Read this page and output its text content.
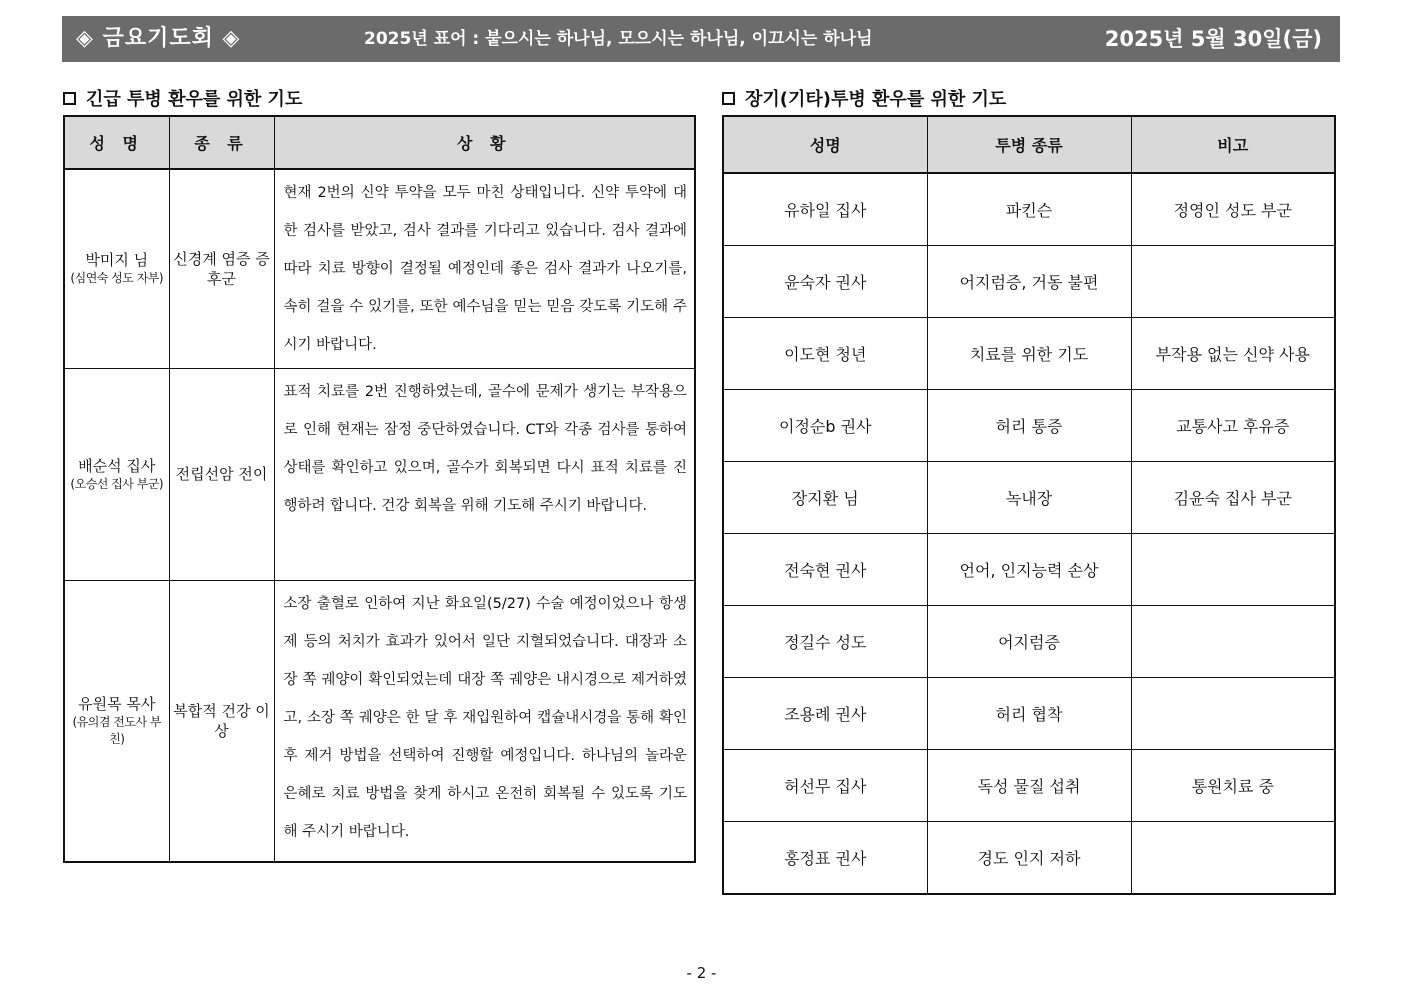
◈ 금요기도회 ◈	2025년 표어 : 붙으시는 하나님, 모으시는 하나님, 이끄시는 하나님	2025년 5월 30일(금)
긴급 투병 환우를 위한 기도	장기(기타)투병 환우를 위한 기도
성 명	종 류	상 황
박미지 님
(심연숙 성도 자부)	신경계 염증 증후군	현재 2번의 신약 투약을 모두 마친 상태입니다. 신약 투약에 대한 검사를 받았고, 검사 결과를 기다리고 있습니다. 검사 결과에 따라 치료 방향이 결정될 예정인데 좋은 검사 결과가 나오기를, 속히 걸을 수 있기를, 또한 예수님을 믿는 믿음 갖도록 기도해 주시기 바랍니다.
배순석 집사
(오승선 집사 부군)	전립선암 전이	표적 치료를 2번 진행하였는데, 골수에 문제가 생기는 부작용으로 인해 현재는 잠정 중단하였습니다. CT와 각종 검사를 통하여 상태를 확인하고 있으며, 골수가 회복되면 다시 표적 치료를 진행하려 합니다. 건강 회복을 위해 기도해 주시기 바랍니다.
유원목 목사
(유의겸 전도사 부친)	복합적 건강 이상	소장 출혈로 인하여 지난 화요일(5/27) 수술 예정이었으나 항생제 등의 처치가 효과가 있어서 일단 지혈되었습니다. 대장과 소장 쪽 궤양이 확인되었는데 대장 쪽 궤양은 내시경으로 제거하였고, 소장 쪽 궤양은 한 달 후 재입원하여 캡슐내시경을 통해 확인 후 제거 방법을 선택하여 진행할 예정입니다. 하나님의 놀라운 은혜로 치료 방법을 찾게 하시고 온전히 회복될 수 있도록 기도해 주시기 바랍니다.
성명	투병 종류	비고
유하일 집사	파킨슨	정영인 성도 부군
윤숙자 권사	어지럼증, 거동 불편	
이도현 청년	치료를 위한 기도	부작용 없는 신약 사용
이정순b 권사	허리 통증	교통사고 후유증
장지환 님	녹내장	김윤숙 집사 부군
전숙현 권사	언어, 인지능력 손상	
정길수 성도	어지럼증	
조용례 권사	허리 협착	
허선무 집사	독성 물질 섭취	통원치료 중
홍정표 권사	경도 인지 저하	
- 2 -
